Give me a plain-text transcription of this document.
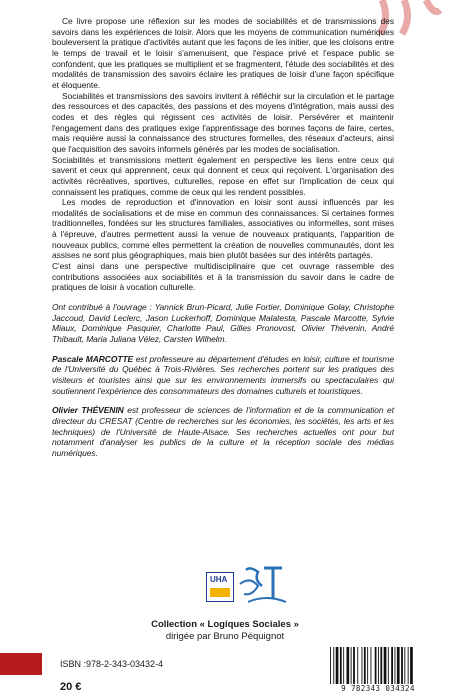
Ce livre propose une réflexion sur les modes de sociabilités et de transmissions des savoirs dans les expériences de loisir. Alors que les moyens de communication numériques bouleversent la pratique d'activités autant que les façons de les initier, que les cloisons entre le temps de travail et le loisir s'amenuisent, que l'espace privé et l'espace public se confondent, que les pratiques se multiplient et se fragmentent, l'étude des sociabilités et des modalités de transmission des savoirs éclaire les pratiques de loisir d'une façon spécifique et éloquente.

Sociabilités et transmissions des savoirs invitent à réfléchir sur la circulation et le partage des ressources et des capacités, des passions et des moyens d'intégration, mais aussi des codes et des règles qui régissent ces activités de loisir. Persévérer et maintenir l'engagement dans des pratiques exige l'apprentissage des bonnes façons de faire, certes, mais requière aussi la connaissance des structures formelles, des réseaux d'acteurs, ainsi que l'acquisition des savoirs informels générés par les modes de socialisation.

Sociabilités et transmissions mettent également en perspective les liens entre ceux qui savent et ceux qui apprennent, ceux qui donnent et ceux qui reçoivent. L'organisation des activités récréatives, sportives, culturelles, repose en effet sur l'implication de ceux qui connaissent les pratiques, comme de ceux qui les rendent possibles.

Les modes de reproduction et d'innovation en loisir sont aussi influencés par les modalités de socialisations et de mise en commun des connaissances. Si certaines formes traditionnelles, fondées sur les structures familiales, associatives ou informelles, sont mises à l'épreuve, d'autres permettent aussi la venue de nouveaux pratiquants, l'apparition de nouveaux publics, comme elles permettent la création de nouvelles communautés, dont les assises ne sont plus géographiques, mais bien plutôt basées sur des intérêts partagés.

C'est ainsi dans une perspective multidisciplinaire que cet ouvrage rassemble des contributions associées aux sociabilités et à la transmission du savoir dans le cadre de pratiques de loisir à vocation culturelle.

Ont contribué à l'ouvrage : Yannick Brun-Picard, Julie Fortier, Dominique Golay, Christophe Jaccoud, David Leclerc, Jason Luckerhoff, Dominique Malatesta, Pascale Marcotte, Sylvie Miaux, Dominique Pasquier, Charlotte Paul, Gilles Pronovost, Olivier Thévenin, André Thibault, Maria Juliana Vélez, Carsten Wilhelm.

Pascale MARCOTTE est professeure au département d'études en loisir, culture et tourisme de l'Université du Québec à Trois-Rivières. Ses recherches portent sur les pratiques des visiteurs et touristes ainsi que sur les environnements immersifs ou spectaculaires qui soutiennent l'expérience des consommateurs des domaines culturels et touristiques.

Olivier THÉVENIN est professeur de sciences de l'information et de la communication et directeur du CRESAT (Centre de recherches sur les économies, les sociétés, les arts et les techniques) de l'Université de Haute-Alsace. Ses recherches actuelles ont pour but notamment d'analyser les publics de la culture et la réception sociale des médias numériques.

UHA
Collection « Logiques Sociales »
dirigée par Bruno Péquignot
ISBN :978-2-343-03432-4
20 €	9 782343 034324
